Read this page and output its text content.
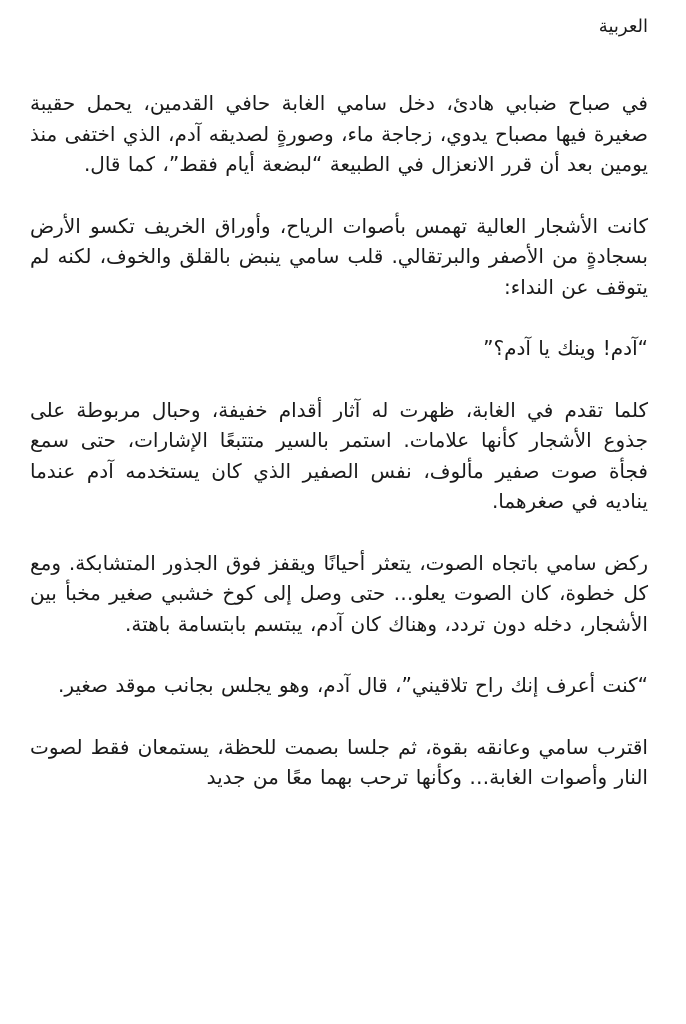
العربية

في صباح ضبابي هادئ، دخل سامي الغابة حافي القدمين، يحمل حقيبة صغيرة فيها مصباح يدوي، زجاجة ماء، وصورةٍ لصديقه آدم، الذي اختفى منذ يومين بعد أن قرر الانعزال في الطبيعة “لبضعة أيام فقط”، كما قال.

كانت الأشجار العالية تهمس بأصوات الرياح، وأوراق الخريف تكسو الأرض بسجادةٍ من الأصفر والبرتقالي. قلب سامي ينبض بالقلق والخوف، لكنه لم يتوقف عن النداء:

“آدم! وينك يا آدم؟”

كلما تقدم في الغابة، ظهرت له آثار أقدام خفيفة، وحبال مربوطة على جذوع الأشجار كأنها علامات. استمر بالسير متتبعًا الإشارات، حتى سمع فجأة صوت صفير مألوف، نفس الصفير الذي كان يستخدمه آدم عندما يناديه في صغرهما.

ركض سامي باتجاه الصوت، يتعثر أحيانًا ويقفز فوق الجذور المتشابكة. ومع كل خطوة، كان الصوت يعلو… حتى وصل إلى كوخ خشبي صغير مخبأ بين الأشجار، دخله دون تردد، وهناك كان آدم، يبتسم بابتسامة باهتة.

“كنت أعرف إنك راح تلاقيني”، قال آدم، وهو يجلس بجانب موقد صغير.

اقترب سامي وعانقه بقوة، ثم جلسا بصمت للحظة، يستمعان فقط لصوت النار وأصوات الغابة… وكأنها ترحب بهما معًا من جديد
